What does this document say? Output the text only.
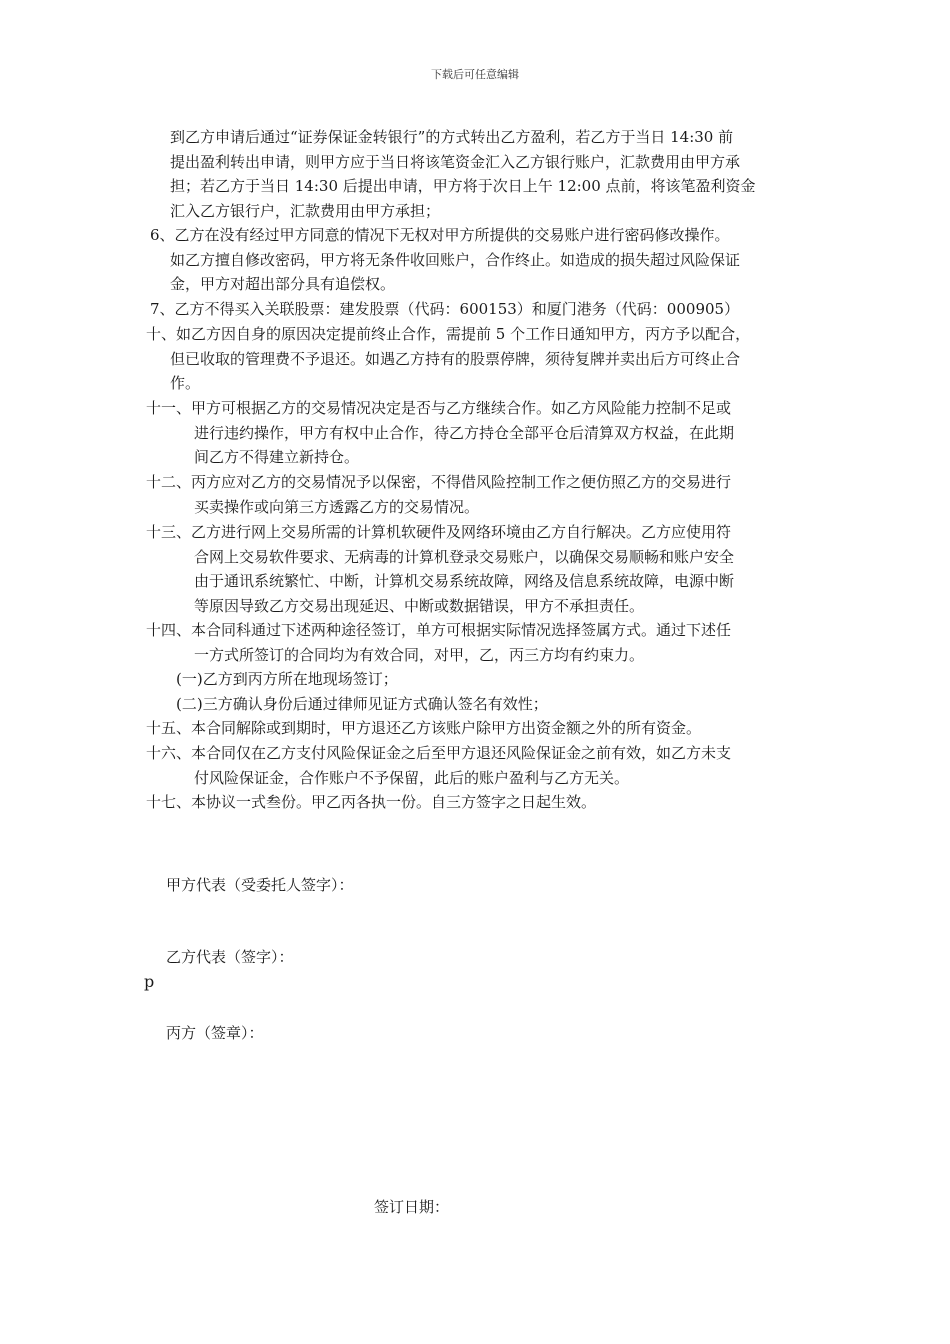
下载后可任意编辑
到乙方申请后通过“证券保证金转银行”的方式转出乙方盈利，若乙方于当日 14:30 前
提出盈利转出申请，则甲方应于当日将该笔资金汇入乙方银行账户，汇款费用由甲方承
担；若乙方于当日 14:30 后提出申请，甲方将于次日上午 12:00 点前，将该笔盈利资金
汇入乙方银行户，汇款费用由甲方承担；
6、乙方在没有经过甲方同意的情况下无权对甲方所提供的交易账户进行密码修改操作。
如乙方擅自修改密码，甲方将无条件收回账户，合作终止。如造成的损失超过风险保证
金，甲方对超出部分具有追偿权。
7、乙方不得买入关联股票：建发股票（代码：600153）和厦门港务（代码：000905）
十、如乙方因自身的原因决定提前终止合作，需提前 5 个工作日通知甲方，丙方予以配合，
但已收取的管理费不予退还。如遇乙方持有的股票停牌，须待复牌并卖出后方可终止合
作。
十一、甲方可根据乙方的交易情况决定是否与乙方继续合作。如乙方风险能力控制不足或
进行违约操作，甲方有权中止合作，待乙方持仓全部平仓后清算双方权益，在此期
间乙方不得建立新持仓。
十二、丙方应对乙方的交易情况予以保密，不得借风险控制工作之便仿照乙方的交易进行
买卖操作或向第三方透露乙方的交易情况。
十三、乙方进行网上交易所需的计算机软硬件及网络环境由乙方自行解决。乙方应使用符
合网上交易软件要求、无病毒的计算机登录交易账户，以确保交易顺畅和账户安全
由于通讯系统繁忙、中断，计算机交易系统故障，网络及信息系统故障，电源中断
等原因导致乙方交易出现延迟、中断或数据错误，甲方不承担责任。
十四、本合同科通过下述两种途径签订，单方可根据实际情况选择签属方式。通过下述任
一方式所签订的合同均为有效合同，对甲，乙，丙三方均有约束力。
(一)乙方到丙方所在地现场签订；
(二)三方确认身份后通过律师见证方式确认签名有效性；
十五、本合同解除或到期时，甲方退还乙方该账户除甲方出资金额之外的所有资金。
十六、本合同仅在乙方支付风险保证金之后至甲方退还风险保证金之前有效，如乙方未支
付风险保证金，合作账户不予保留，此后的账户盈利与乙方无关。
十七、本协议一式叁份。甲乙丙各执一份。自三方签字之日起生效。
甲方代表（受委托人签字）：
乙方代表（签字）：
p
丙方（签章）：
签订日期：
